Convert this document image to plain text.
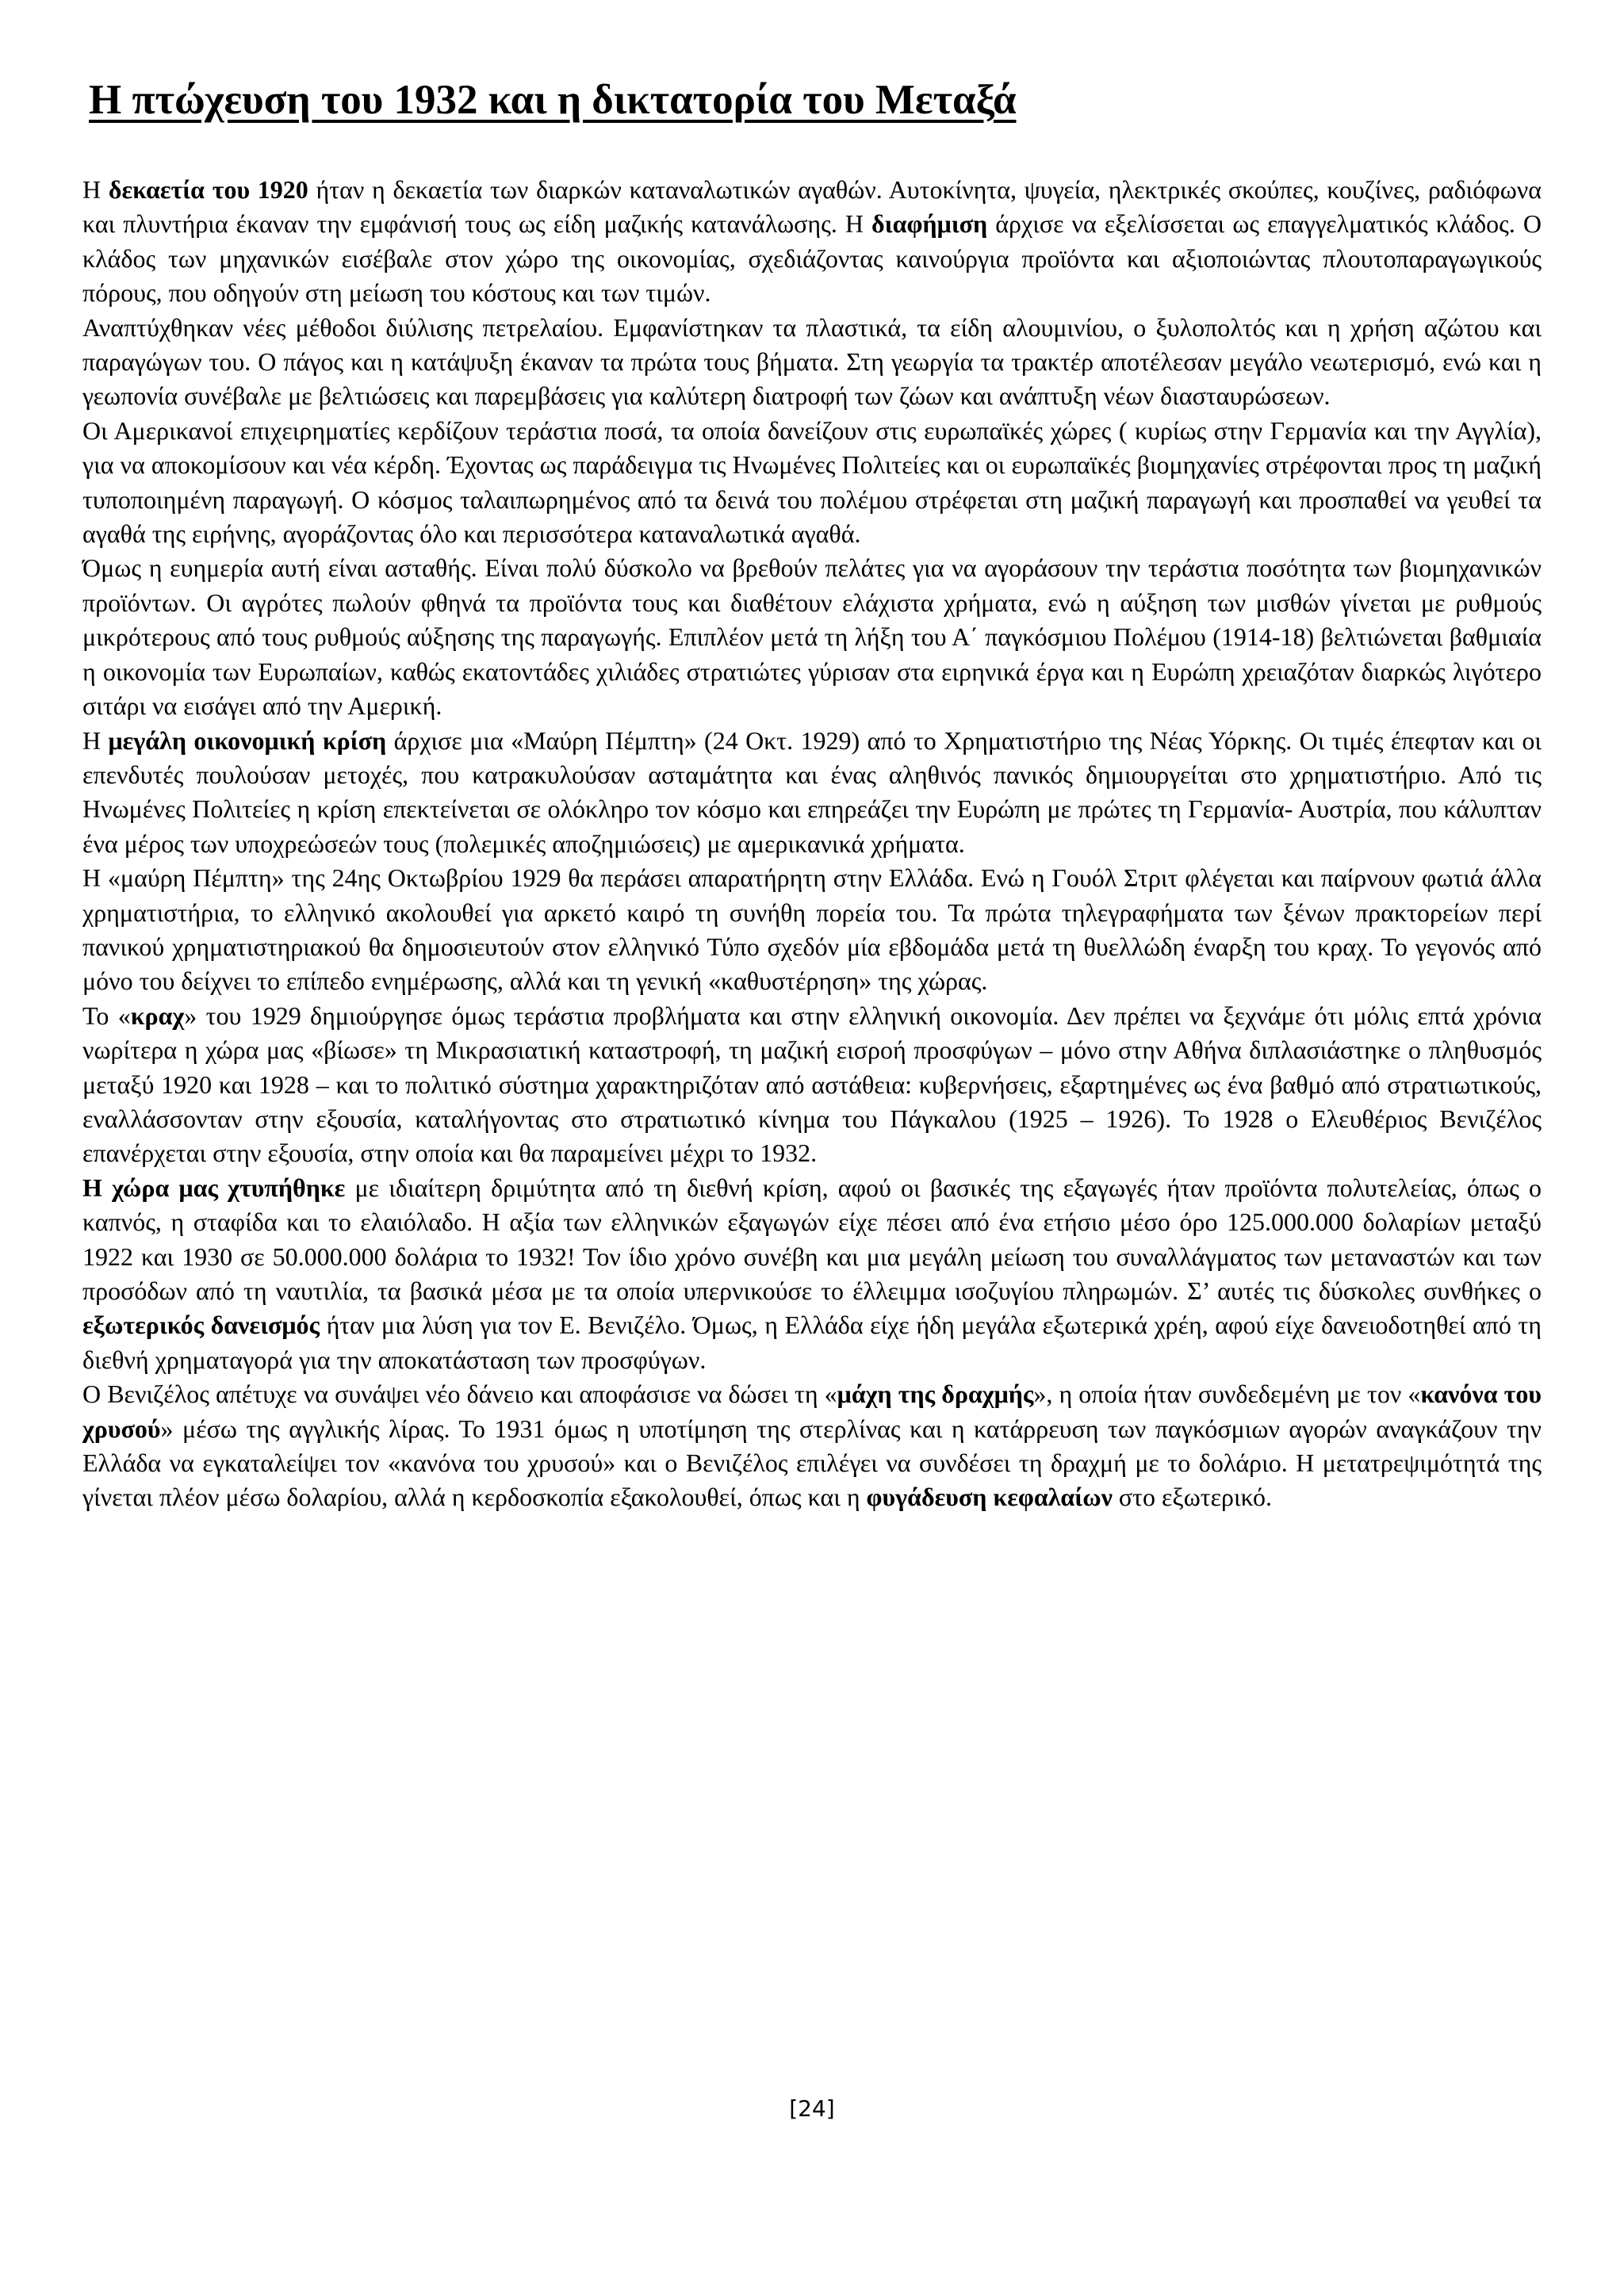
Η πτώχευση του 1932 και η δικτατορία του Μεταξά

Η δεκαετία του 1920 ήταν η δεκαετία των διαρκών καταναλωτικών αγαθών. Αυτοκίνητα, ψυγεία, ηλεκτρικές σκούπες, κουζίνες, ραδιόφωνα και πλυντήρια έκαναν την εμφάνισή τους ως είδη μαζικής κατανάλωσης. Η διαφήμιση άρχισε να εξελίσσεται ως επαγγελματικός κλάδος. Ο κλάδος των μηχανικών εισέβαλε στον χώρο της οικονομίας, σχεδιάζοντας καινούργια προϊόντα και αξιοποιώντας πλουτοπαραγωγικούς πόρους, που οδηγούν στη μείωση του κόστους και των τιμών.

Αναπτύχθηκαν νέες μέθοδοι διύλισης πετρελαίου. Εμφανίστηκαν τα πλαστικά, τα είδη αλουμινίου, ο ξυλοπολτός και η χρήση αζώτου και παραγώγων του. Ο πάγος και η κατάψυξη έκαναν τα πρώτα τους βήματα. Στη γεωργία τα τρακτέρ αποτέλεσαν μεγάλο νεωτερισμό, ενώ και η γεωπονία συνέβαλε με βελτιώσεις και παρεμβάσεις για καλύτερη διατροφή των ζώων και ανάπτυξη νέων διασταυρώσεων.

Οι Αμερικανοί επιχειρηματίες κερδίζουν τεράστια ποσά, τα οποία δανείζουν στις ευρωπαϊκές χώρες ( κυρίως στην Γερμανία και την Αγγλία), για να αποκομίσουν και νέα κέρδη. Έχοντας ως παράδειγμα τις Ηνωμένες Πολιτείες και οι ευρωπαϊκές βιομηχανίες στρέφονται προς τη μαζική τυποποιημένη παραγωγή. Ο κόσμος ταλαιπωρημένος από τα δεινά του πολέμου στρέφεται στη μαζική παραγωγή και προσπαθεί να γευθεί τα αγαθά της ειρήνης, αγοράζοντας όλο και περισσότερα καταναλωτικά αγαθά.

Όμως η ευημερία αυτή είναι ασταθής. Είναι πολύ δύσκολο να βρεθούν πελάτες για να αγοράσουν την τεράστια ποσότητα των βιομηχανικών προϊόντων. Οι αγρότες πωλούν φθηνά τα προϊόντα τους και διαθέτουν ελάχιστα χρήματα, ενώ η αύξηση των μισθών γίνεται με ρυθμούς μικρότερους από τους ρυθμούς αύξησης της παραγωγής. Επιπλέον μετά τη λήξη του Α΄ παγκόσμιου Πολέμου (1914-18) βελτιώνεται βαθμιαία η οικονομία των Ευρωπαίων, καθώς εκατοντάδες χιλιάδες στρατιώτες γύρισαν στα ειρηνικά έργα και η Ευρώπη χρειαζόταν διαρκώς λιγότερο σιτάρι να εισάγει από την Αμερική.

Η μεγάλη οικονομική κρίση άρχισε μια «Μαύρη Πέμπτη» (24 Οκτ. 1929) από το Χρηματιστήριο της Νέας Υόρκης. Οι τιμές έπεφταν και οι επενδυτές πουλούσαν μετοχές, που κατρακυλούσαν ασταμάτητα και ένας αληθινός πανικός δημιουργείται στο χρηματιστήριο. Από τις Ηνωμένες Πολιτείες η κρίση επεκτείνεται σε ολόκληρο τον κόσμο και επηρεάζει την Ευρώπη με πρώτες τη Γερμανία- Αυστρία, που κάλυπταν ένα μέρος των υποχρεώσεών τους (πολεμικές αποζημιώσεις) με αμερικανικά χρήματα.

Η «μαύρη Πέμπτη» της 24ης Οκτωβρίου 1929 θα περάσει απαρατήρητη στην Ελλάδα. Ενώ η Γουόλ Στριτ φλέγεται και παίρνουν φωτιά άλλα χρηματιστήρια, το ελληνικό ακολουθεί για αρκετό καιρό τη συνήθη πορεία του. Τα πρώτα τηλεγραφήματα των ξένων πρακτορείων περί πανικού χρηματιστηριακού θα δημοσιευτούν στον ελληνικό Τύπο σχεδόν μία εβδομάδα μετά τη θυελλώδη έναρξη του κραχ. Το γεγονός από μόνο του δείχνει το επίπεδο ενημέρωσης, αλλά και τη γενική «καθυστέρηση» της χώρας.

Το «κραχ» του 1929 δημιούργησε όμως τεράστια προβλήματα και στην ελληνική οικονομία. Δεν πρέπει να ξεχνάμε ότι μόλις επτά χρόνια νωρίτερα η χώρα μας «βίωσε» τη Μικρασιατική καταστροφή, τη μαζική εισροή προσφύγων – μόνο στην Αθήνα διπλασιάστηκε ο πληθυσμός μεταξύ 1920 και 1928 – και το πολιτικό σύστημα χαρακτηριζόταν από αστάθεια: κυβερνήσεις, εξαρτημένες ως ένα βαθμό από στρατιωτικούς, εναλλάσσονταν στην εξουσία, καταλήγοντας στο στρατιωτικό κίνημα του Πάγκαλου (1925 – 1926). Το 1928 ο Ελευθέριος Βενιζέλος επανέρχεται στην εξουσία, στην οποία και θα παραμείνει μέχρι το 1932.

Η χώρα μας χτυπήθηκε με ιδιαίτερη δριμύτητα από τη διεθνή κρίση, αφού οι βασικές της εξαγωγές ήταν προϊόντα πολυτελείας, όπως ο καπνός, η σταφίδα και το ελαιόλαδο. Η αξία των ελληνικών εξαγωγών είχε πέσει από ένα ετήσιο μέσο όρο 125.000.000 δολαρίων μεταξύ 1922 και 1930 σε 50.000.000 δολάρια το 1932! Τον ίδιο χρόνο συνέβη και μια μεγάλη μείωση του συναλλάγματος των μεταναστών και των προσόδων από τη ναυτιλία, τα βασικά μέσα με τα οποία υπερνικούσε το έλλειμμα ισοζυγίου πληρωμών. Σ’ αυτές τις δύσκολες συνθήκες ο εξωτερικός δανεισμός ήταν μια λύση για τον Ε. Βενιζέλο. Όμως, η Ελλάδα είχε ήδη μεγάλα εξωτερικά χρέη, αφού είχε δανειοδοτηθεί από τη διεθνή χρηματαγορά για την αποκατάσταση των προσφύγων.

Ο Βενιζέλος απέτυχε να συνάψει νέο δάνειο και αποφάσισε να δώσει τη «μάχη της δραχμής», η οποία ήταν συνδεδεμένη με τον «κανόνα του χρυσού» μέσω της αγγλικής λίρας. Το 1931 όμως η υποτίμηση της στερλίνας και η κατάρρευση των παγκόσμιων αγορών αναγκάζουν την Ελλάδα να εγκαταλείψει τον «κανόνα του χρυσού» και ο Βενιζέλος επιλέγει να συνδέσει τη δραχμή με το δολάριο. Η μετατρεψιμότητά της γίνεται πλέον μέσω δολαρίου, αλλά η κερδοσκοπία εξακολουθεί, όπως και η φυγάδευση κεφαλαίων στο εξωτερικό.

[24]
